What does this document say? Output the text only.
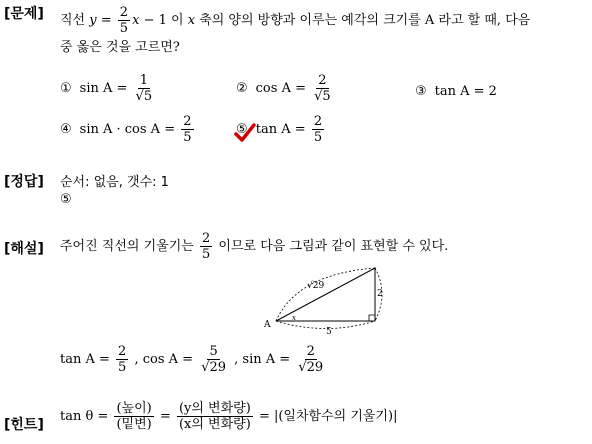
[문제]
[정답]
[해설]
[힌트]
직선 $y = \frac{2}{5}$ x − 1 이 x 축의 양의 방향과 이루는 예각의 크기를 A 라고 할 때, 다음
중 옳은 것을 고르면?
① $\sin A = \frac{1}{√5}$	② $\cos A = \frac{2}{√5}$	③ tan A = 2
④ $\sin A \cdot \cos A = \frac{2}{5}$	⑤ $\tan A = \frac{2}{5}$
순서: 없음, 갯수: 1
⑤
주어진 직선의 기울기는 $\frac{2}{5}$ 이므로 다음 그림과 같이 표현할 수 있다.
√29
2
5
A
x
$\tan A = \frac{2}{5}$ , $\cos A = \frac{5}{√29}$ , $\sin A = \frac{2}{√29}$
$\tan \theta = \frac{\text{(높이)}}{\text{(밑변)}} = \frac{\text{(y의 변화량)}}{\text{(x의 변화량)}}$ = |(일차함수의 기울기)|
